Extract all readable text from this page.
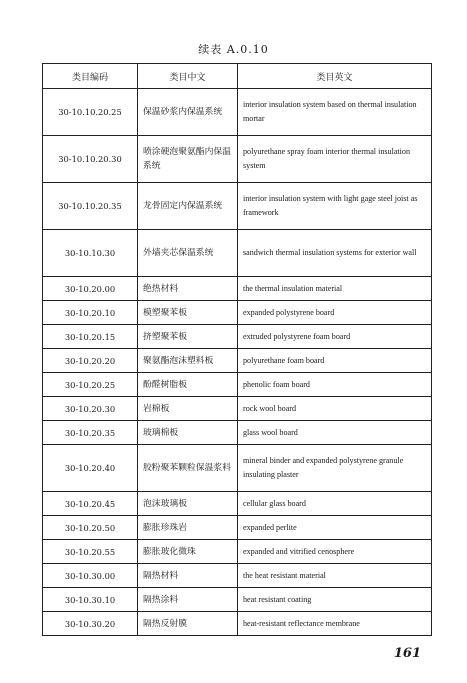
续表 A.0.10
类目编码	类目中文	类目英文
30-10.10.20.25	保温砂浆内保温系统	interior insulation system based on thermal insulation mortar
30-10.10.20.30	喷涂硬泡聚氨酯内保温系统	polyurethane spray foam interior thermal insulation system
30-10.10.20.35	龙骨固定内保温系统	interior insulation system with light gage steel joist as framework
30-10.10.30	外墙夹芯保温系统	sandwich thermal insulation systems for exterior wall
30-10.20.00	绝热材料	the thermal insulation material
30-10.20.10	模塑聚苯板	expanded polystyrene board
30-10.20.15	挤塑聚苯板	extruded polystyrene foam board
30-10.20.20	聚氨酯泡沫塑料板	polyurethane foam board
30-10.20.25	酚醛树脂板	phenolic foam board
30-10.20.30	岩棉板	rock wool board
30-10.20.35	玻璃棉板	glass wool board
30-10.20.40	胶粉聚苯颗粒保温浆料	mineral binder and expanded polystyrene granule insulating plaster
30-10.20.45	泡沫玻璃板	cellular glass board
30-10.20.50	膨胀珍珠岩	expanded perlite
30-10.20.55	膨胀玻化微珠	expanded and vitrified cenosphere
30-10.30.00	隔热材料	the heat resistant material
30-10.30.10	隔热涂料	heat resistant coating
30-10.30.20	隔热反射膜	heat-resistant reflectance membrane
161
